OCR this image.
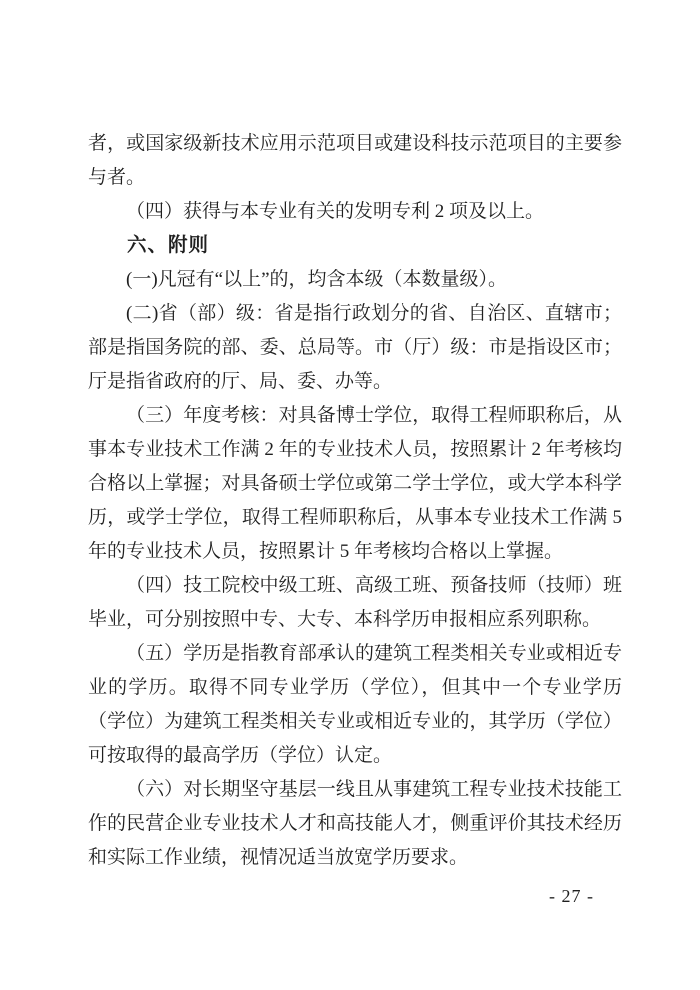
者，或国家级新技术应用示范项目或建设科技示范项目的主要参与者。

（四）获得与本专业有关的发明专利 2 项及以上。

六、附则

(一)凡冠有“以上”的，均含本级（本数量级）。

(二)省（部）级：省是指行政划分的省、自治区、直辖市；部是指国务院的部、委、总局等。市（厅）级：市是指设区市；厅是指省政府的厅、局、委、办等。

（三）年度考核：对具备博士学位，取得工程师职称后，从事本专业技术工作满 2 年的专业技术人员，按照累计 2 年考核均合格以上掌握；对具备硕士学位或第二学士学位，或大学本科学历，或学士学位，取得工程师职称后，从事本专业技术工作满 5 年的专业技术人员，按照累计 5 年考核均合格以上掌握。

（四）技工院校中级工班、高级工班、预备技师（技师）班毕业，可分别按照中专、大专、本科学历申报相应系列职称。

（五）学历是指教育部承认的建筑工程类相关专业或相近专业的学历。取得不同专业学历（学位），但其中一个专业学历（学位）为建筑工程类相关专业或相近专业的，其学历（学位）可按取得的最高学历（学位）认定。

（六）对长期坚守基层一线且从事建筑工程专业技术技能工作的民营企业专业技术人才和高技能人才，侧重评价其技术经历和实际工作业绩，视情况适当放宽学历要求。

- 27 -
